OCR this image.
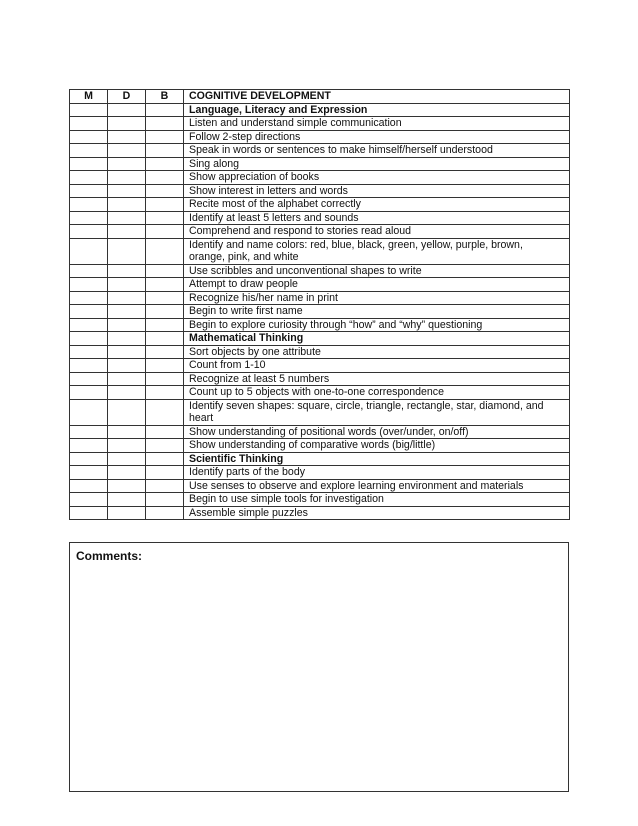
M	D	B	COGNITIVE DEVELOPMENT
			Language, Literacy and Expression
			Listen and understand simple communication
			Follow 2-step directions
			Speak in words or sentences to make himself/herself understood
			Sing along
			Show appreciation of books
			Show interest in letters and words
			Recite most of the alphabet correctly
			Identify at least 5 letters and sounds
			Comprehend and respond to stories read aloud
			Identify and name colors: red, blue, black, green, yellow, purple, brown, orange, pink, and white
			Use scribbles and unconventional shapes to write
			Attempt to draw people
			Recognize his/her name in print
			Begin to write first name
			Begin to explore curiosity through “how” and “why” questioning
			Mathematical Thinking
			Sort objects by one attribute
			Count from 1-10
			Recognize at least 5 numbers
			Count up to 5 objects with one-to-one correspondence
			Identify seven shapes: square, circle, triangle, rectangle, star, diamond, and heart
			Show understanding of positional words (over/under, on/off)
			Show understanding of comparative words (big/little)
			Scientific Thinking
			Identify parts of the body
			Use senses to observe and explore learning environment and materials
			Begin to use simple tools for investigation
			Assemble simple puzzles
Comments:
